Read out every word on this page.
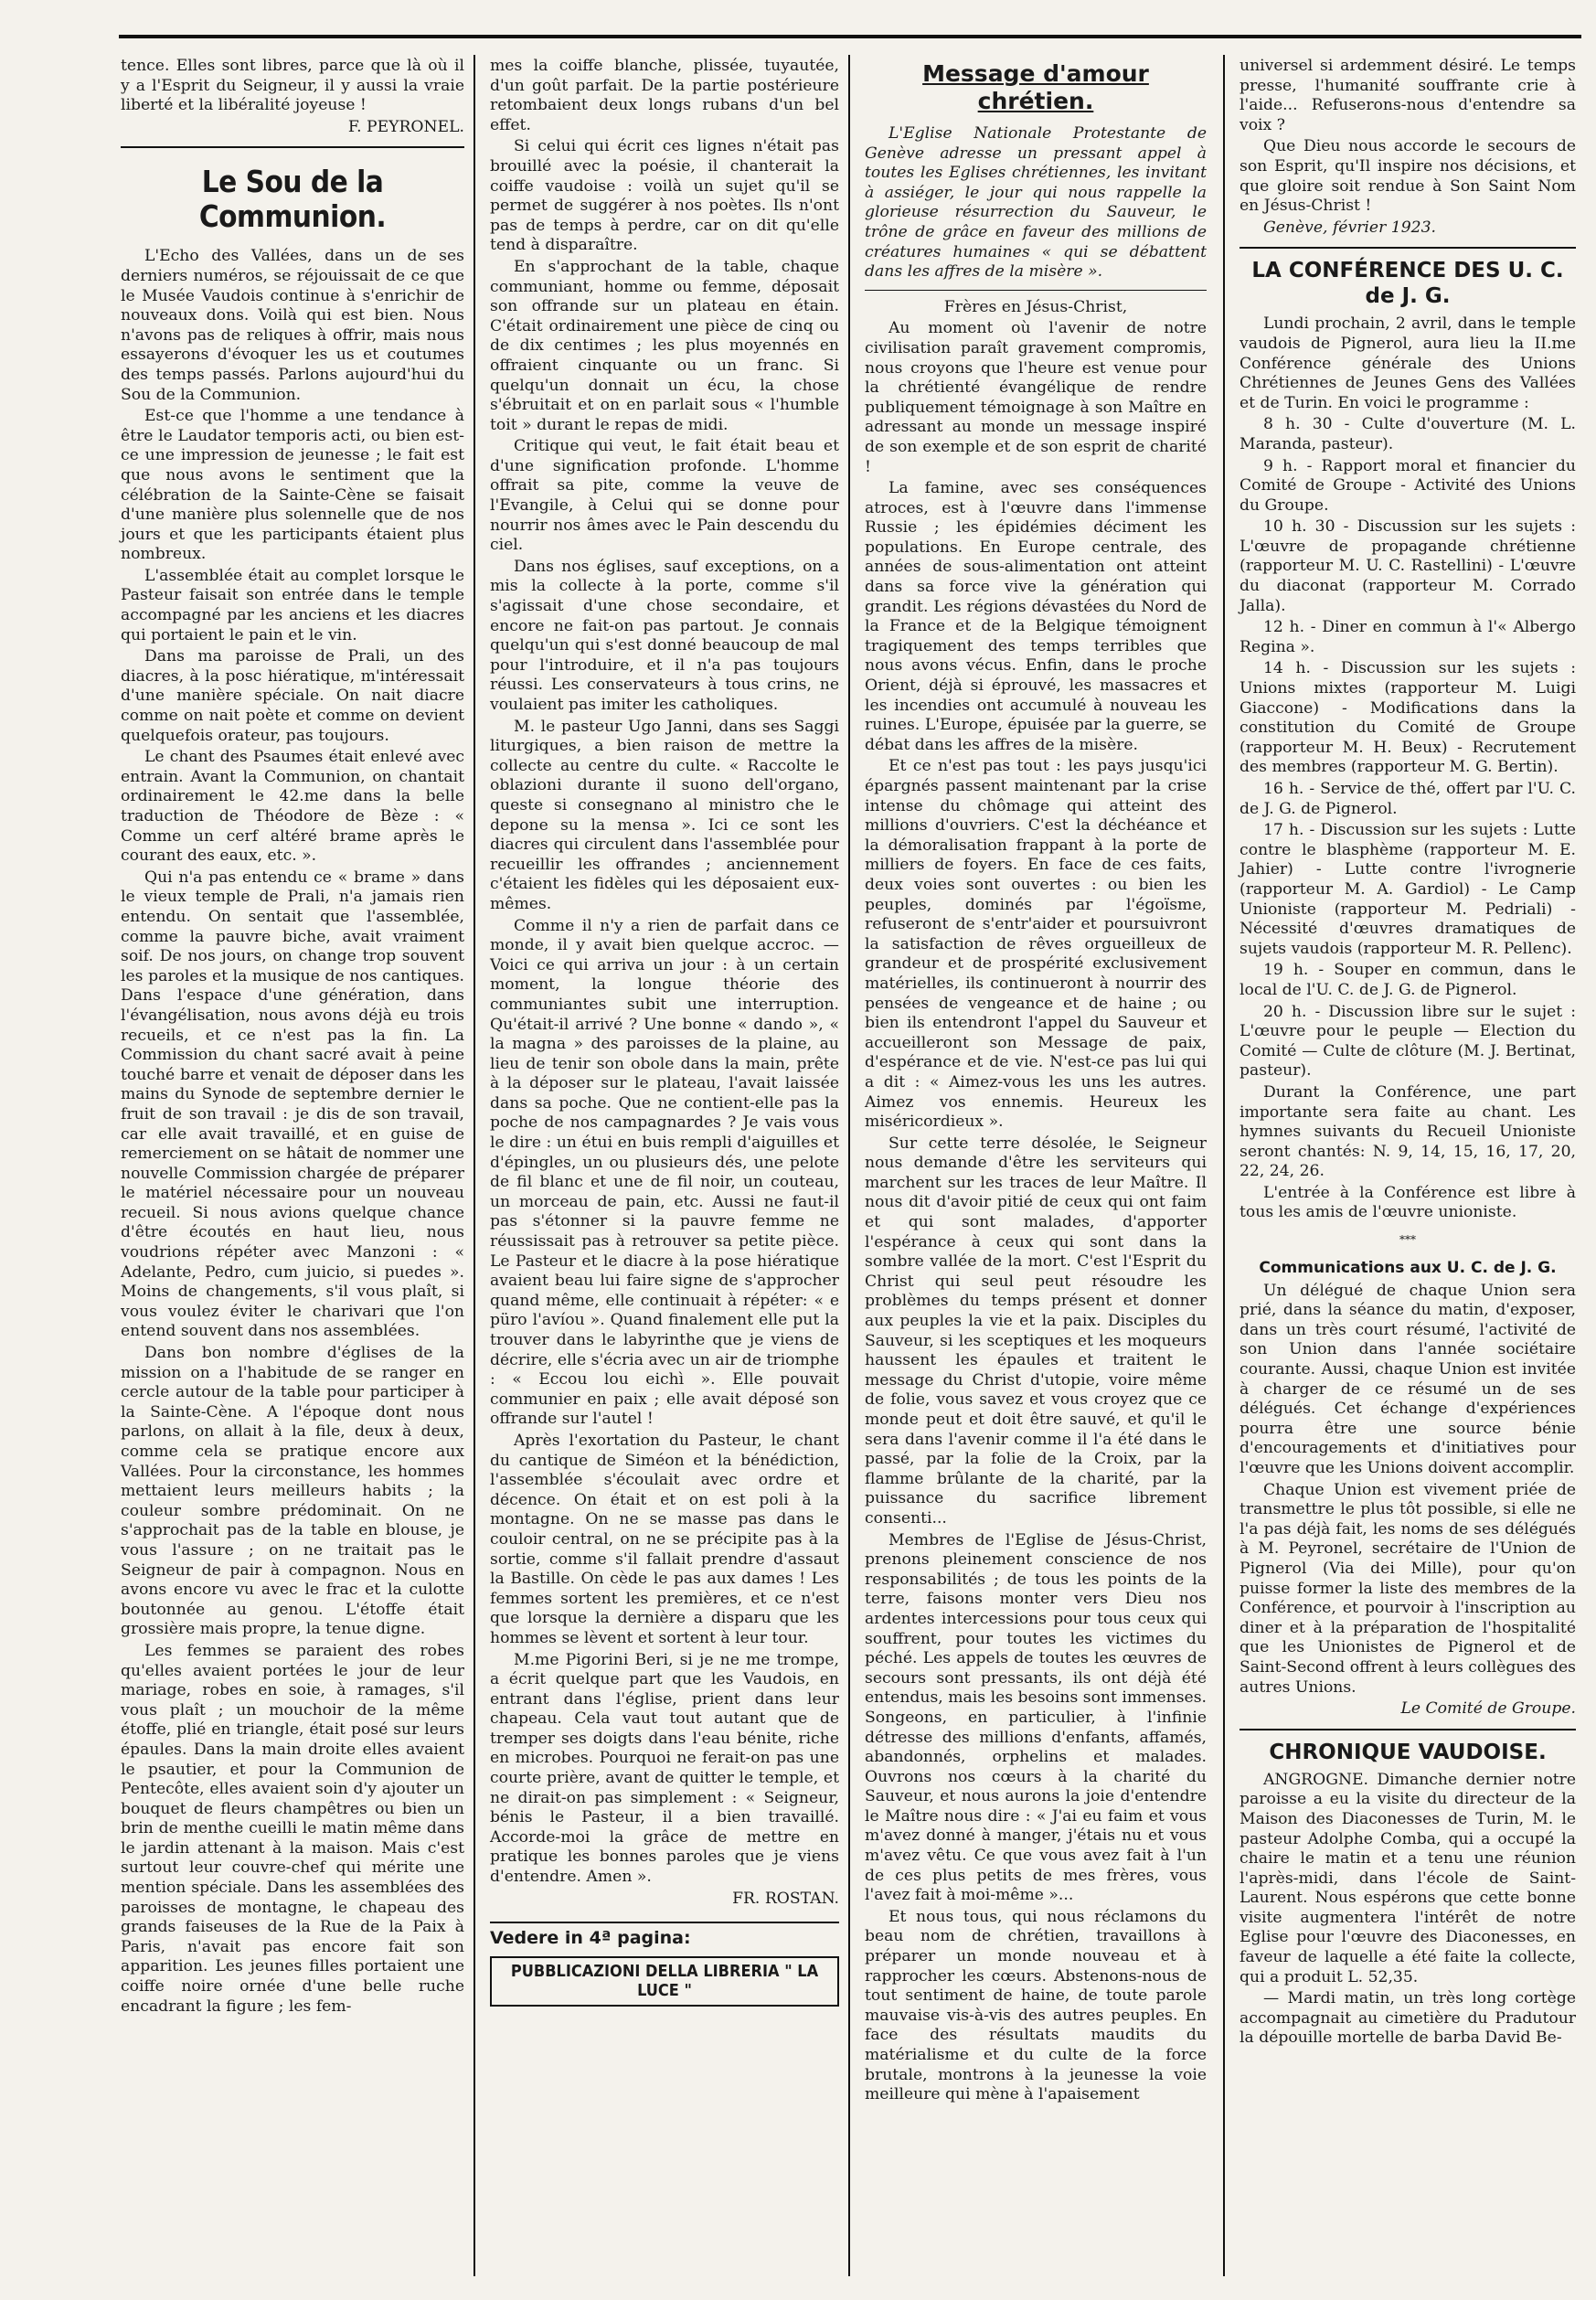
tence. Elles sont libres, parce que là où il y a l'Esprit du Seigneur, il y aussi la vraie liberté et la libéralité joyeuse !

F. PEYRONEL.

Le Sou de la Communion.

L'Echo des Vallées, dans un de ses derniers numéros, se réjouissait de ce que le Musée Vaudois continue à s'enrichir de nouveaux dons. Voilà qui est bien. Nous n'avons pas de reliques à offrir, mais nous essayerons d'évoquer les us et coutumes des temps passés. Parlons aujourd'hui du Sou de la Communion.

Est-ce que l'homme a une tendance à être le Laudator temporis acti, ou bien est-ce une impression de jeunesse ; le fait est que nous avons le sentiment que la célébration de la Sainte-Cène se faisait d'une manière plus solennelle que de nos jours et que les participants étaient plus nombreux.

L'assemblée était au complet lorsque le Pasteur faisait son entrée dans le temple accompagné par les anciens et les diacres qui portaient le pain et le vin.

Dans ma paroisse de Prali, un des diacres, à la posc hiératique, m'intéressait d'une manière spéciale. On nait diacre comme on nait poète et comme on devient quelquefois orateur, pas toujours.

Le chant des Psaumes était enlevé avec entrain. Avant la Communion, on chantait ordinairement le 42.me dans la belle traduction de Théodore de Bèze : « Comme un cerf altéré brame après le courant des eaux, etc. ».

Qui n'a pas entendu ce « brame » dans le vieux temple de Prali, n'a jamais rien entendu. On sentait que l'assemblée, comme la pauvre biche, avait vraiment soif. De nos jours, on change trop souvent les paroles et la musique de nos cantiques. Dans l'espace d'une génération, dans l'évangélisation, nous avons déjà eu trois recueils, et ce n'est pas la fin. La Commission du chant sacré avait à peine touché barre et venait de déposer dans les mains du Synode de septembre dernier le fruit de son travail : je dis de son travail, car elle avait travaillé, et en guise de remerciement on se hâtait de nommer une nouvelle Commission chargée de préparer le matériel nécessaire pour un nouveau recueil. Si nous avions quelque chance d'être écoutés en haut lieu, nous voudrions répéter avec Manzoni : « Adelante, Pedro, cum juicio, si puedes ». Moins de changements, s'il vous plaît, si vous voulez éviter le charivari que l'on entend souvent dans nos assemblées.

Dans bon nombre d'églises de la mission on a l'habitude de se ranger en cercle autour de la table pour participer à la Sainte-Cène. A l'époque dont nous parlons, on allait à la file, deux à deux, comme cela se pratique encore aux Vallées. Pour la circonstance, les hommes mettaient leurs meilleurs habits ; la couleur sombre prédominait. On ne s'approchait pas de la table en blouse, je vous l'assure ; on ne traitait pas le Seigneur de pair à compagnon. Nous en avons encore vu avec le frac et la culotte boutonnée au genou. L'étoffe était grossière mais propre, la tenue digne.

Les femmes se paraient des robes qu'elles avaient portées le jour de leur mariage, robes en soie, à ramages, s'il vous plaît ; un mouchoir de la même étoffe, plié en triangle, était posé sur leurs épaules. Dans la main droite elles avaient le psautier, et pour la Communion de Pentecôte, elles avaient soin d'y ajouter un bouquet de fleurs champêtres ou bien un brin de menthe cueilli le matin même dans le jardin attenant à la maison. Mais c'est surtout leur couvre-chef qui mérite une mention spéciale. Dans les assemblées des paroisses de montagne, le chapeau des grands faiseuses de la Rue de la Paix à Paris, n'avait pas encore fait son apparition. Les jeunes filles portaient une coiffe noire ornée d'une belle ruche encadrant la figure ; les fem-

mes la coiffe blanche, plissée, tuyautée, d'un goût parfait. De la partie postérieure retombaient deux longs rubans d'un bel effet.

Si celui qui écrit ces lignes n'était pas brouillé avec la poésie, il chanterait la coiffe vaudoise : voilà un sujet qu'il se permet de suggérer à nos poètes. Ils n'ont pas de temps à perdre, car on dit qu'elle tend à disparaître.

En s'approchant de la table, chaque communiant, homme ou femme, déposait son offrande sur un plateau en étain. C'était ordinairement une pièce de cinq ou de dix centimes ; les plus moyennés en offraient cinquante ou un franc. Si quelqu'un donnait un écu, la chose s'ébruitait et on en parlait sous « l'humble toit » durant le repas de midi.

Critique qui veut, le fait était beau et d'une signification profonde. L'homme offrait sa pite, comme la veuve de l'Evangile, à Celui qui se donne pour nourrir nos âmes avec le Pain descendu du ciel.

Dans nos églises, sauf exceptions, on a mis la collecte à la porte, comme s'il s'agissait d'une chose secondaire, et encore ne fait-on pas partout. Je connais quelqu'un qui s'est donné beaucoup de mal pour l'introduire, et il n'a pas toujours réussi. Les conservateurs à tous crins, ne voulaient pas imiter les catholiques.

M. le pasteur Ugo Janni, dans ses Saggi liturgiques, a bien raison de mettre la collecte au centre du culte. « Raccolte le oblazioni durante il suono dell'organo, queste si consegnano al ministro che le depone su la mensa ». Ici ce sont les diacres qui circulent dans l'assemblée pour recueillir les offrandes ; anciennement c'étaient les fidèles qui les déposaient eux-mêmes.

Comme il n'y a rien de parfait dans ce monde, il y avait bien quelque accroc. — Voici ce qui arriva un jour : à un certain moment, la longue théorie des communiantes subit une interruption. Qu'était-il arrivé ? Une bonne « dando », « la magna » des paroisses de la plaine, au lieu de tenir son obole dans la main, prête à la déposer sur le plateau, l'avait laissée dans sa poche. Que ne contient-elle pas la poche de nos campagnardes ? Je vais vous le dire : un étui en buis rempli d'aiguilles et d'épingles, un ou plusieurs dés, une pelote de fil blanc et une de fil noir, un couteau, un morceau de pain, etc. Aussi ne faut-il pas s'étonner si la pauvre femme ne réussissait pas à retrouver sa petite pièce. Le Pasteur et le diacre à la pose hiératique avaient beau lui faire signe de s'approcher quand même, elle continuait à répéter: « e püro l'avíou ». Quand finalement elle put la trouver dans le labyrinthe que je viens de décrire, elle s'écria avec un air de triomphe : « Eccou lou eichì ». Elle pouvait communier en paix ; elle avait déposé son offrande sur l'autel !

Après l'exortation du Pasteur, le chant du cantique de Siméon et la bénédiction, l'assemblée s'écoulait avec ordre et décence. On était et on est poli à la montagne. On ne se masse pas dans le couloir central, on ne se précipite pas à la sortie, comme s'il fallait prendre d'assaut la Bastille. On cède le pas aux dames ! Les femmes sortent les premières, et ce n'est que lorsque la dernière a disparu que les hommes se lèvent et sortent à leur tour.

M.me Pigorini Beri, si je ne me trompe, a écrit quelque part que les Vaudois, en entrant dans l'église, prient dans leur chapeau. Cela vaut tout autant que de tremper ses doigts dans l'eau bénite, riche en microbes. Pourquoi ne ferait-on pas une courte prière, avant de quitter le temple, et ne dirait-on pas simplement : « Seigneur, bénis le Pasteur, il a bien travaillé. Accorde-moi la grâce de mettre en pratique les bonnes paroles que je viens d'entendre. Amen ».

FR. ROSTAN.

Vedere in 4ª pagina:
PUBBLICAZIONI DELLA LIBRERIA " LA LUCE "
Message d'amour chrétien.

L'Eglise Nationale Protestante de Genève adresse un pressant appel à toutes les Eglises chrétiennes, les invitant à assiéger, le jour qui nous rappelle la glorieuse résurrection du Sauveur, le trône de grâce en faveur des millions de créatures humaines « qui se débattent dans les affres de la misère ».

Frères en Jésus-Christ,

Au moment où l'avenir de notre civilisation paraît gravement compromis, nous croyons que l'heure est venue pour la chrétienté évangélique de rendre publiquement témoignage à son Maître en adressant au monde un message inspiré de son exemple et de son esprit de charité !

La famine, avec ses conséquences atroces, est à l'œuvre dans l'immense Russie ; les épidémies déciment les populations. En Europe centrale, des années de sous-alimentation ont atteint dans sa force vive la génération qui grandit. Les régions dévastées du Nord de la France et de la Belgique témoignent tragiquement des temps terribles que nous avons vécus. Enfin, dans le proche Orient, déjà si éprouvé, les massacres et les incendies ont accumulé à nouveau les ruines. L'Europe, épuisée par la guerre, se débat dans les affres de la misère.

Et ce n'est pas tout : les pays jusqu'ici épargnés passent maintenant par la crise intense du chômage qui atteint des millions d'ouvriers. C'est la déchéance et la démoralisation frappant à la porte de milliers de foyers. En face de ces faits, deux voies sont ouvertes : ou bien les peuples, dominés par l'égoïsme, refuseront de s'entr'aider et poursuivront la satisfaction de rêves orgueilleux de grandeur et de prospérité exclusivement matérielles, ils continueront à nourrir des pensées de vengeance et de haine ; ou bien ils entendront l'appel du Sauveur et accueilleront son Message de paix, d'espérance et de vie. N'est-ce pas lui qui a dit : « Aimez-vous les uns les autres. Aimez vos ennemis. Heureux les miséricordieux ».

Sur cette terre désolée, le Seigneur nous demande d'être les serviteurs qui marchent sur les traces de leur Maître. Il nous dit d'avoir pitié de ceux qui ont faim et qui sont malades, d'apporter l'espérance à ceux qui sont dans la sombre vallée de la mort. C'est l'Esprit du Christ qui seul peut résoudre les problèmes du temps présent et donner aux peuples la vie et la paix. Disciples du Sauveur, si les sceptiques et les moqueurs haussent les épaules et traitent le message du Christ d'utopie, voire même de folie, vous savez et vous croyez que ce monde peut et doit être sauvé, et qu'il le sera dans l'avenir comme il l'a été dans le passé, par la folie de la Croix, par la flamme brûlante de la charité, par la puissance du sacrifice librement consenti...

Membres de l'Eglise de Jésus-Christ, prenons pleinement conscience de nos responsabilités ; de tous les points de la terre, faisons monter vers Dieu nos ardentes intercessions pour tous ceux qui souffrent, pour toutes les victimes du péché. Les appels de toutes les œuvres de secours sont pressants, ils ont déjà été entendus, mais les besoins sont immenses. Songeons, en particulier, à l'infinie détresse des millions d'enfants, affamés, abandonnés, orphelins et malades. Ouvrons nos cœurs à la charité du Sauveur, et nous aurons la joie d'entendre le Maître nous dire : « J'ai eu faim et vous m'avez donné à manger, j'étais nu et vous m'avez vêtu. Ce que vous avez fait à l'un de ces plus petits de mes frères, vous l'avez fait à moi-même »...

Et nous tous, qui nous réclamons du beau nom de chrétien, travaillons à préparer un monde nouveau et à rapprocher les cœurs. Abstenons-nous de tout sentiment de haine, de toute parole mauvaise vis-à-vis des autres peuples. En face des résultats maudits du matérialisme et du culte de la force brutale, montrons à la jeunesse la voie meilleure qui mène à l'apaisement

universel si ardemment désiré. Le temps presse, l'humanité souffrante crie à l'aide... Refuserons-nous d'entendre sa voix ?

Que Dieu nous accorde le secours de son Esprit, qu'Il inspire nos décisions, et que gloire soit rendue à Son Saint Nom en Jésus-Christ !

Genève, février 1923.

LA CONFÉRENCE DES U. C. de J. G.

Lundi prochain, 2 avril, dans le temple vaudois de Pignerol, aura lieu la II.me Conférence générale des Unions Chrétiennes de Jeunes Gens des Vallées et de Turin. En voici le programme :

8 h. 30 - Culte d'ouverture (M. L. Maranda, pasteur).

9 h. - Rapport moral et financier du Comité de Groupe - Activité des Unions du Groupe.

10 h. 30 - Discussion sur les sujets : L'œuvre de propagande chrétienne (rapporteur M. U. C. Rastellini) - L'œuvre du diaconat (rapporteur M. Corrado Jalla).

12 h. - Diner en commun à l'« Albergo Regina ».

14 h. - Discussion sur les sujets : Unions mixtes (rapporteur M. Luigi Giaccone) - Modifications dans la constitution du Comité de Groupe (rapporteur M. H. Beux) - Recrutement des membres (rapporteur M. G. Bertin).

16 h. - Service de thé, offert par l'U. C. de J. G. de Pignerol.

17 h. - Discussion sur les sujets : Lutte contre le blasphème (rapporteur M. E. Jahier) - Lutte contre l'ivrognerie (rapporteur M. A. Gardiol) - Le Camp Unioniste (rapporteur M. Pedriali) - Nécessité d'œuvres dramatiques de sujets vaudois (rapporteur M. R. Pellenc).

19 h. - Souper en commun, dans le local de l'U. C. de J. G. de Pignerol.

20 h. - Discussion libre sur le sujet : L'œuvre pour le peuple — Election du Comité — Culte de clôture (M. J. Bertinat, pasteur).

Durant la Conférence, une part importante sera faite au chant. Les hymnes suivants du Recueil Unioniste seront chantés: N. 9, 14, 15, 16, 17, 20, 22, 24, 26.

L'entrée à la Conférence est libre à tous les amis de l'œuvre unioniste.

***
Communications aux U. C. de J. G.

Un délégué de chaque Union sera prié, dans la séance du matin, d'exposer, dans un très court résumé, l'activité de son Union dans l'année sociétaire courante. Aussi, chaque Union est invitée à charger de ce résumé un de ses délégués. Cet échange d'expériences pourra être une source bénie d'encouragements et d'initiatives pour l'œuvre que les Unions doivent accomplir.

Chaque Union est vivement priée de transmettre le plus tôt possible, si elle ne l'a pas déjà fait, les noms de ses délégués à M. Peyronel, secrétaire de l'Union de Pignerol (Via dei Mille), pour qu'on puisse former la liste des membres de la Conférence, et pourvoir à l'inscription au diner et à la préparation de l'hospitalité que les Unionistes de Pignerol et de Saint-Second offrent à leurs collègues des autres Unions.

Le Comité de Groupe.

CHRONIQUE VAUDOISE.

ANGROGNE. Dimanche dernier notre paroisse a eu la visite du directeur de la Maison des Diaconesses de Turin, M. le pasteur Adolphe Comba, qui a occupé la chaire le matin et a tenu une réunion l'après-midi, dans l'école de Saint-Laurent. Nous espérons que cette bonne visite augmentera l'intérêt de notre Eglise pour l'œuvre des Diaconesses, en faveur de laquelle a été faite la collecte, qui a produit L. 52,35.

— Mardi matin, un très long cortège accompagnait au cimetière du Pradutour la dépouille mortelle de barba David Be-
